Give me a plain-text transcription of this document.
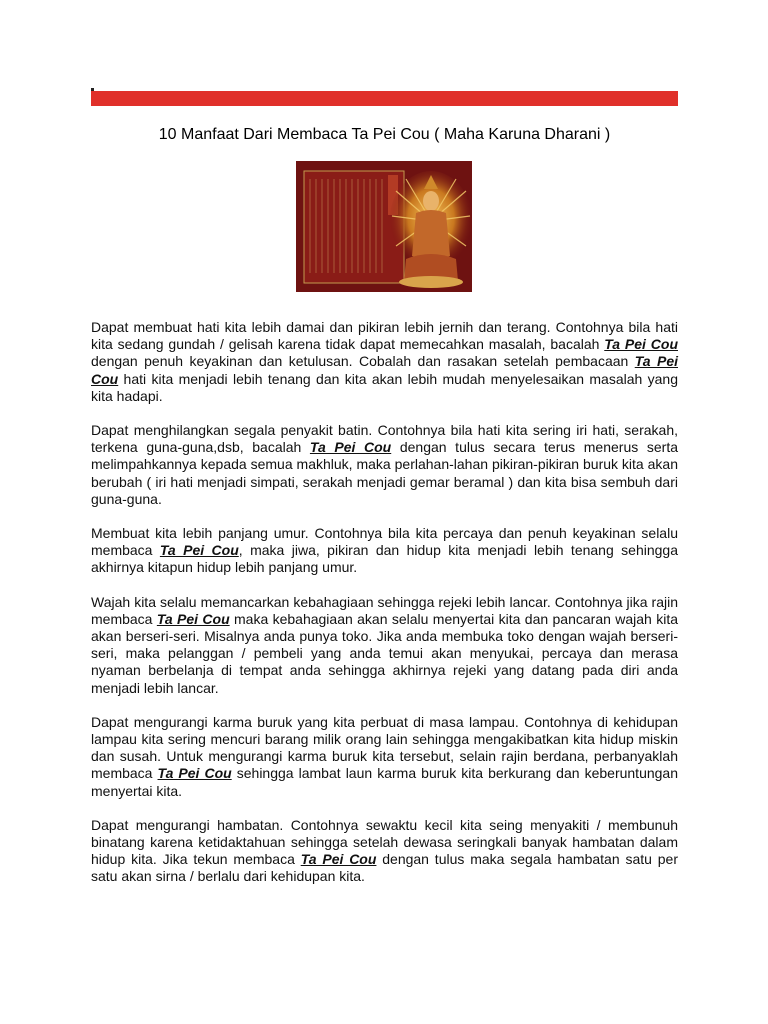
10 Manfaat Dari Membaca Ta Pei Cou ( Maha Karuna Dharani )

Dapat membuat hati kita lebih damai dan pikiran lebih jernih dan terang. Contohnya bila hati kita sedang gundah / gelisah karena tidak dapat memecahkan masalah, bacalah Ta Pei Cou dengan penuh keyakinan dan ketulusan. Cobalah dan rasakan setelah pembacaan Ta Pei Cou hati kita menjadi lebih tenang dan kita akan lebih mudah menyelesaikan masalah yang kita hadapi.

Dapat menghilangkan segala penyakit batin. Contohnya bila hati kita sering iri hati, serakah, terkena guna-guna,dsb, bacalah Ta Pei Cou dengan tulus secara terus menerus serta melimpahkannya kepada semua makhluk, maka perlahan-lahan pikiran-pikiran buruk kita akan berubah ( iri hati menjadi simpati, serakah menjadi gemar beramal ) dan kita bisa sembuh dari guna-guna.

Membuat kita lebih panjang umur. Contohnya bila kita percaya dan penuh keyakinan selalu membaca Ta Pei Cou, maka jiwa, pikiran dan hidup kita menjadi lebih tenang sehingga akhirnya kitapun hidup lebih panjang umur.

Wajah kita selalu memancarkan kebahagiaan sehingga rejeki lebih lancar. Contohnya jika rajin membaca Ta Pei Cou maka kebahagiaan akan selalu menyertai kita dan pancaran wajah kita akan berseri-seri. Misalnya anda punya toko. Jika anda membuka toko dengan wajah berseri-seri, maka pelanggan / pembeli yang anda temui akan menyukai, percaya dan merasa nyaman berbelanja di tempat anda sehingga akhirnya rejeki yang datang pada diri anda menjadi lebih lancar.

Dapat mengurangi karma buruk yang kita perbuat di masa lampau. Contohnya di kehidupan lampau kita sering mencuri barang milik orang lain sehingga mengakibatkan kita hidup miskin dan susah. Untuk mengurangi karma buruk kita tersebut, selain rajin berdana, perbanyaklah membaca Ta Pei Cou sehingga lambat laun karma buruk kita berkurang dan keberuntungan menyertai kita.

Dapat mengurangi hambatan. Contohnya sewaktu kecil kita seing menyakiti / membunuh binatang karena ketidaktahuan sehingga setelah dewasa seringkali banyak hambatan dalam hidup kita. Jika tekun membaca Ta Pei Cou dengan tulus maka segala hambatan satu per satu akan sirna / berlalu dari kehidupan kita.
